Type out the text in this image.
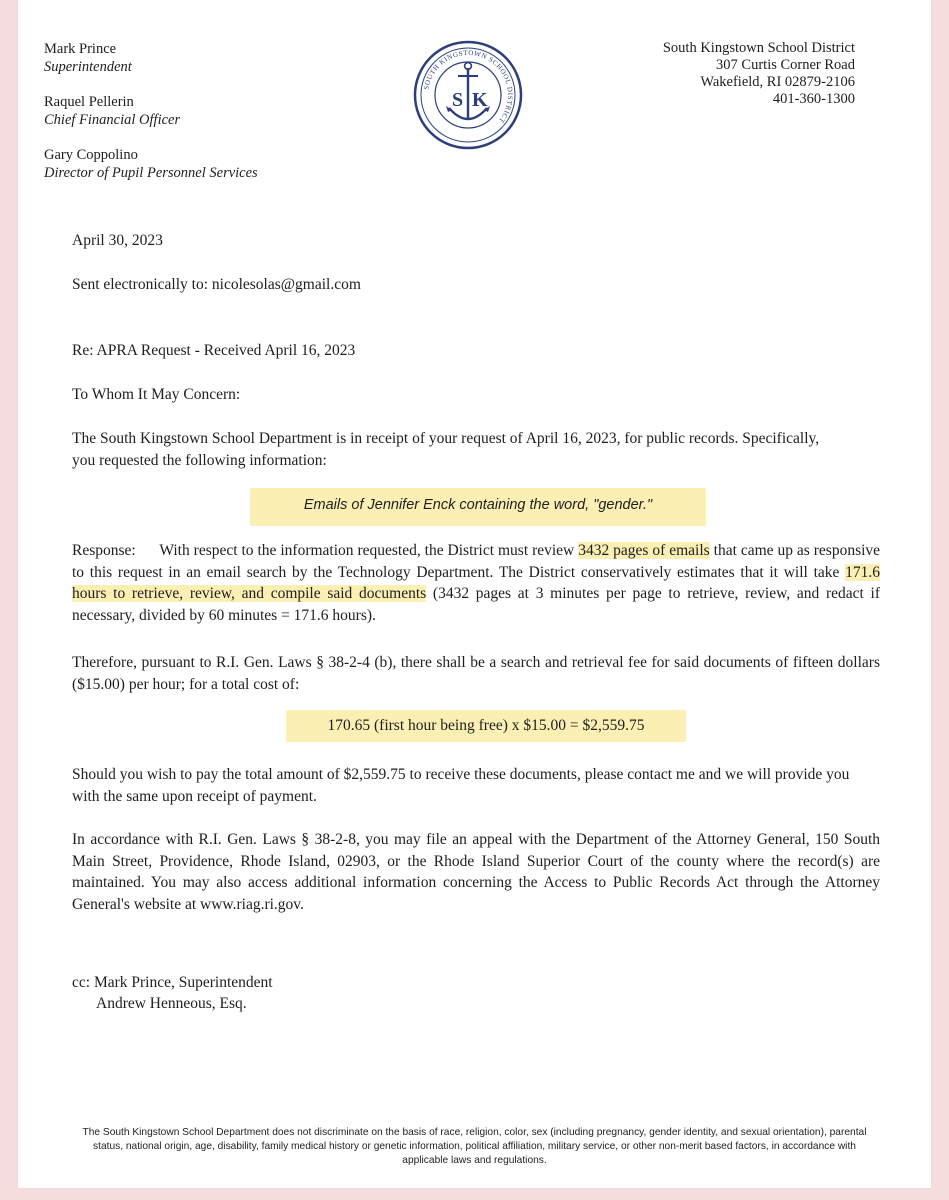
Mark Prince
Superintendent
Raquel Pellerin
Chief Financial Officer
Gary Coppolino
Director of Pupil Personnel Services
SOUTH KINGSTOWN SCHOOL DISTRICT
S K
South Kingstown School District
307 Curtis Corner Road
Wakefield, RI 02879-2106
401-360-1300
April 30, 2023
Sent electronically to: nicolesolas@gmail.com
Re: APRA Request - Received April 16, 2023
To Whom It May Concern:
The South Kingstown School Department is in receipt of your request of April 16, 2023, for public records. Specifically, you requested the following information:
Emails of Jennifer Enck containing the word, "gender."
Response: With respect to the information requested, the District must review 3432 pages of emails that came up as responsive to this request in an email search by the Technology Department. The District conservatively estimates that it will take 171.6 hours to retrieve, review, and compile said documents (3432 pages at 3 minutes per page to retrieve, review, and redact if necessary, divided by 60 minutes = 171.6 hours).
Therefore, pursuant to R.I. Gen. Laws § 38-2-4 (b), there shall be a search and retrieval fee for said documents of fifteen dollars ($15.00) per hour; for a total cost of:
170.65 (first hour being free) x $15.00 = $2,559.75
Should you wish to pay the total amount of $2,559.75 to receive these documents, please contact me and we will provide you with the same upon receipt of payment.
In accordance with R.I. Gen. Laws § 38-2-8, you may file an appeal with the Department of the Attorney General, 150 South Main Street, Providence, Rhode Island, 02903, or the Rhode Island Superior Court of the county where the record(s) are maintained. You may also access additional information concerning the Access to Public Records Act through the Attorney General's website at www.riag.ri.gov.
cc: Mark Prince, Superintendent
Andrew Henneous, Esq.
The South Kingstown School Department does not discriminate on the basis of race, religion, color, sex (including pregnancy, gender identity, and sexual orientation), parental status, national origin, age, disability, family medical history or genetic information, political affiliation, military service, or other non-merit based factors, in accordance with applicable laws and regulations.
